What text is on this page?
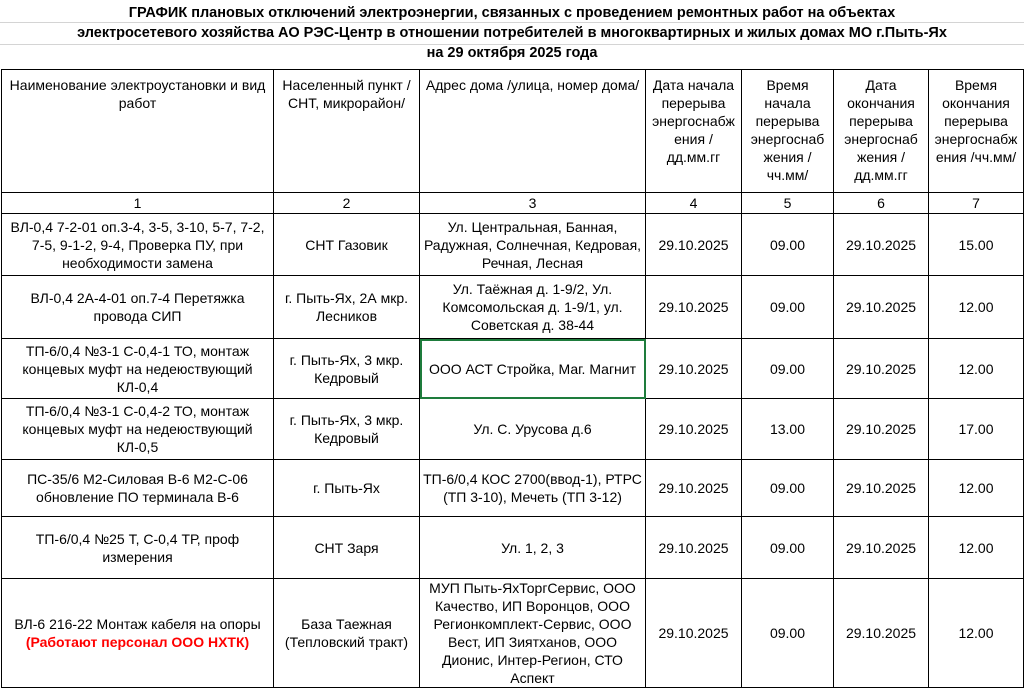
ГРАФИК плановых отключений электроэнергии, связанных с проведением ремонтных работ на объектах
электросетевого хозяйства АО РЭС-Центр в отношении потребителей в многоквартирных и жилых домах МО г.Пыть-Ях
на 29 октября 2025 года
Наименование электроустановки и вид работ	Населенный пункт /СНТ, микрорайон/	Адрес дома /улица, номер дома/	Дата начала перерыва энергоснабж ения /дд.мм.гг	Время начала перерыва энергоснаб жения /чч.мм/	Дата окончания перерыва энергоснаб жения /дд.мм.гг	Время окончания перерыва энергоснабж ения /чч.мм/
1	2	3	4	5	6	7
ВЛ-0,4 7-2-01 оп.3-4, 3-5, 3-10, 5-7, 7-2, 7-5, 9-1-2, 9-4, Проверка ПУ, при необходимости замена	СНТ Газовик	Ул. Центральная, Банная, Радужная, Солнечная, Кедровая, Речная, Лесная	29.10.2025	09.00	29.10.2025	15.00
ВЛ-0,4 2А-4-01 оп.7-4 Перетяжка провода СИП	г. Пыть-Ях, 2А мкр. Лесников	Ул. Таёжная д. 1-9/2, Ул. Комсомольская д. 1-9/1, ул. Советская д. 38-44	29.10.2025	09.00	29.10.2025	12.00
ТП-6/0,4 №3-1 С-0,4-1 ТО, монтаж концевых муфт на недеюствующий КЛ-0,4	г. Пыть-Ях, 3 мкр. Кедровый	ООО АСТ Стройка, Маг. Магнит	29.10.2025	09.00	29.10.2025	12.00
ТП-6/0,4 №3-1 С-0,4-2 ТО, монтаж концевых муфт на недеюствующий КЛ-0,5	г. Пыть-Ях, 3 мкр. Кедровый	Ул. С. Урусова д.6	29.10.2025	13.00	29.10.2025	17.00
ПС-35/6 М2-Силовая В-6 М2-С-06 обновление ПО терминала В-6	г. Пыть-Ях	ТП-6/0,4 КОС 2700(ввод-1), РТРС (ТП 3-10), Мечеть (ТП 3-12)	29.10.2025	09.00	29.10.2025	12.00
ТП-6/0,4 №25 Т, С-0,4 ТР, проф измерения	СНТ Заря	Ул. 1, 2, 3	29.10.2025	09.00	29.10.2025	12.00
ВЛ-6 216-22 Монтаж кабеля на опоры (Работают персонал ООО НХТК)	База Таежная (Тепловский тракт)	МУП Пыть-ЯхТоргСервис, ООО Качество, ИП Воронцов, ООО Регионкомплект-Сервис, ООО Вест, ИП Зиятханов, ООО Дионис, Интер-Регион, СТО Аспект	29.10.2025	09.00	29.10.2025	12.00
